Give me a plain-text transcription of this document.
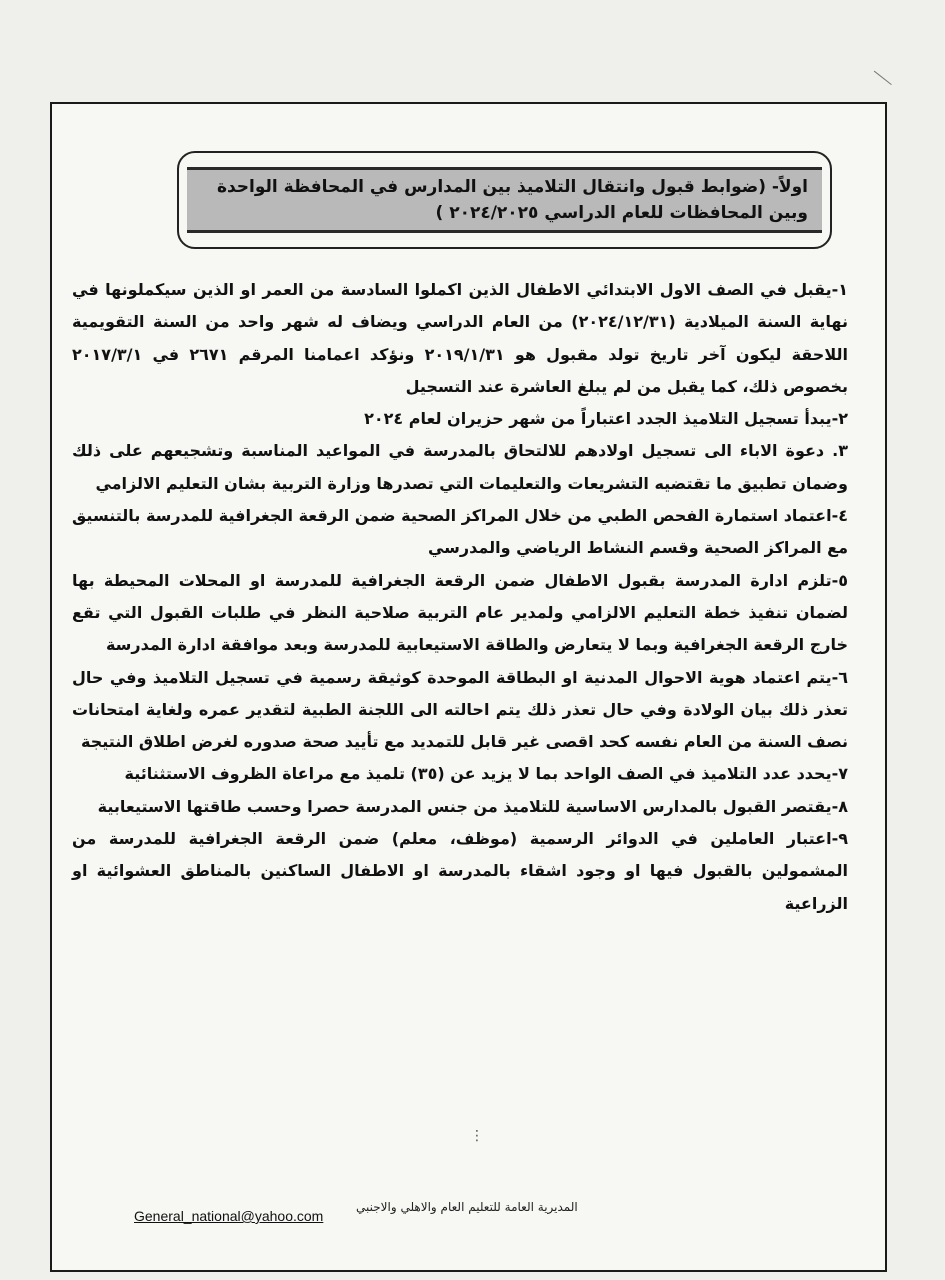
اولاً- (ضوابط قبول وانتقال التلاميذ بين المدارس في المحافظة الواحدة
وبين المحافظات للعام الدراسي ٢٠٢٤/٢٠٢٥ )

١-يقبل في الصف الاول الابتدائي الاطفال الذين اكملوا السادسة من العمر او الذين سيكملونها في نهاية السنة الميلادية (٢٠٢٤/١٢/٣١) من العام الدراسي ويضاف له شهر واحد من السنة التقويمية اللاحقة ليكون آخر تاريخ تولد مقبول هو ٢٠١٩/١/٣١ ونؤكد اعمامنا المرقم ٢٦٧١ في ٢٠١٧/٣/١ بخصوص ذلك، كما يقبل من لم يبلغ العاشرة عند التسجيل

٢-يبدأ تسجيل التلاميذ الجدد اعتباراً من شهر حزيران لعام ٢٠٢٤

٣. دعوة الاباء الى تسجيل اولادهم للالتحاق بالمدرسة في المواعيد المناسبة وتشجيعهم على ذلك وضمان تطبيق ما تقتضيه التشريعات والتعليمات التي تصدرها وزارة التربية بشان التعليم الالزامي

٤-اعتماد استمارة الفحص الطبي من خلال المراكز الصحية ضمن الرقعة الجغرافية للمدرسة بالتنسيق مع المراكز الصحية وقسم النشاط الرياضي والمدرسي

٥-تلزم ادارة المدرسة بقبول الاطفال ضمن الرقعة الجغرافية للمدرسة او المحلات المحيطة بها لضمان تنفيذ خطة التعليم الالزامي ولمدير عام التربية صلاحية النظر في طلبات القبول التي تقع خارج الرقعة الجغرافية وبما لا يتعارض والطاقة الاستيعابية للمدرسة وبعد موافقة ادارة المدرسة

٦-يتم اعتماد هوية الاحوال المدنية او البطاقة الموحدة كوثيقة رسمية في تسجيل التلاميذ وفي حال تعذر ذلك بيان الولادة وفي حال تعذر ذلك يتم احالته الى اللجنة الطبية لتقدير عمره ولغاية امتحانات نصف السنة من العام نفسه كحد اقصى غير قابل للتمديد مع تأييد صحة صدوره لغرض اطلاق النتيجة

٧-يحدد عدد التلاميذ في الصف الواحد بما لا يزيد عن (٣٥) تلميذ مع مراعاة الظروف الاستثنائية

٨-يقتصر القبول بالمدارس الاساسية للتلاميذ من جنس المدرسة حصرا وحسب طاقتها الاستيعابية

٩-اعتبار العاملين في الدوائر الرسمية (موظف، معلم) ضمن الرقعة الجغرافية للمدرسة من المشمولين بالقبول فيها او وجود اشقاء بالمدرسة او الاطفال الساكنين بالمناطق العشوائية او الزراعية

⋮
General_national@yahoo.com
المديرية العامة للتعليم العام والاهلي والاجنبي
